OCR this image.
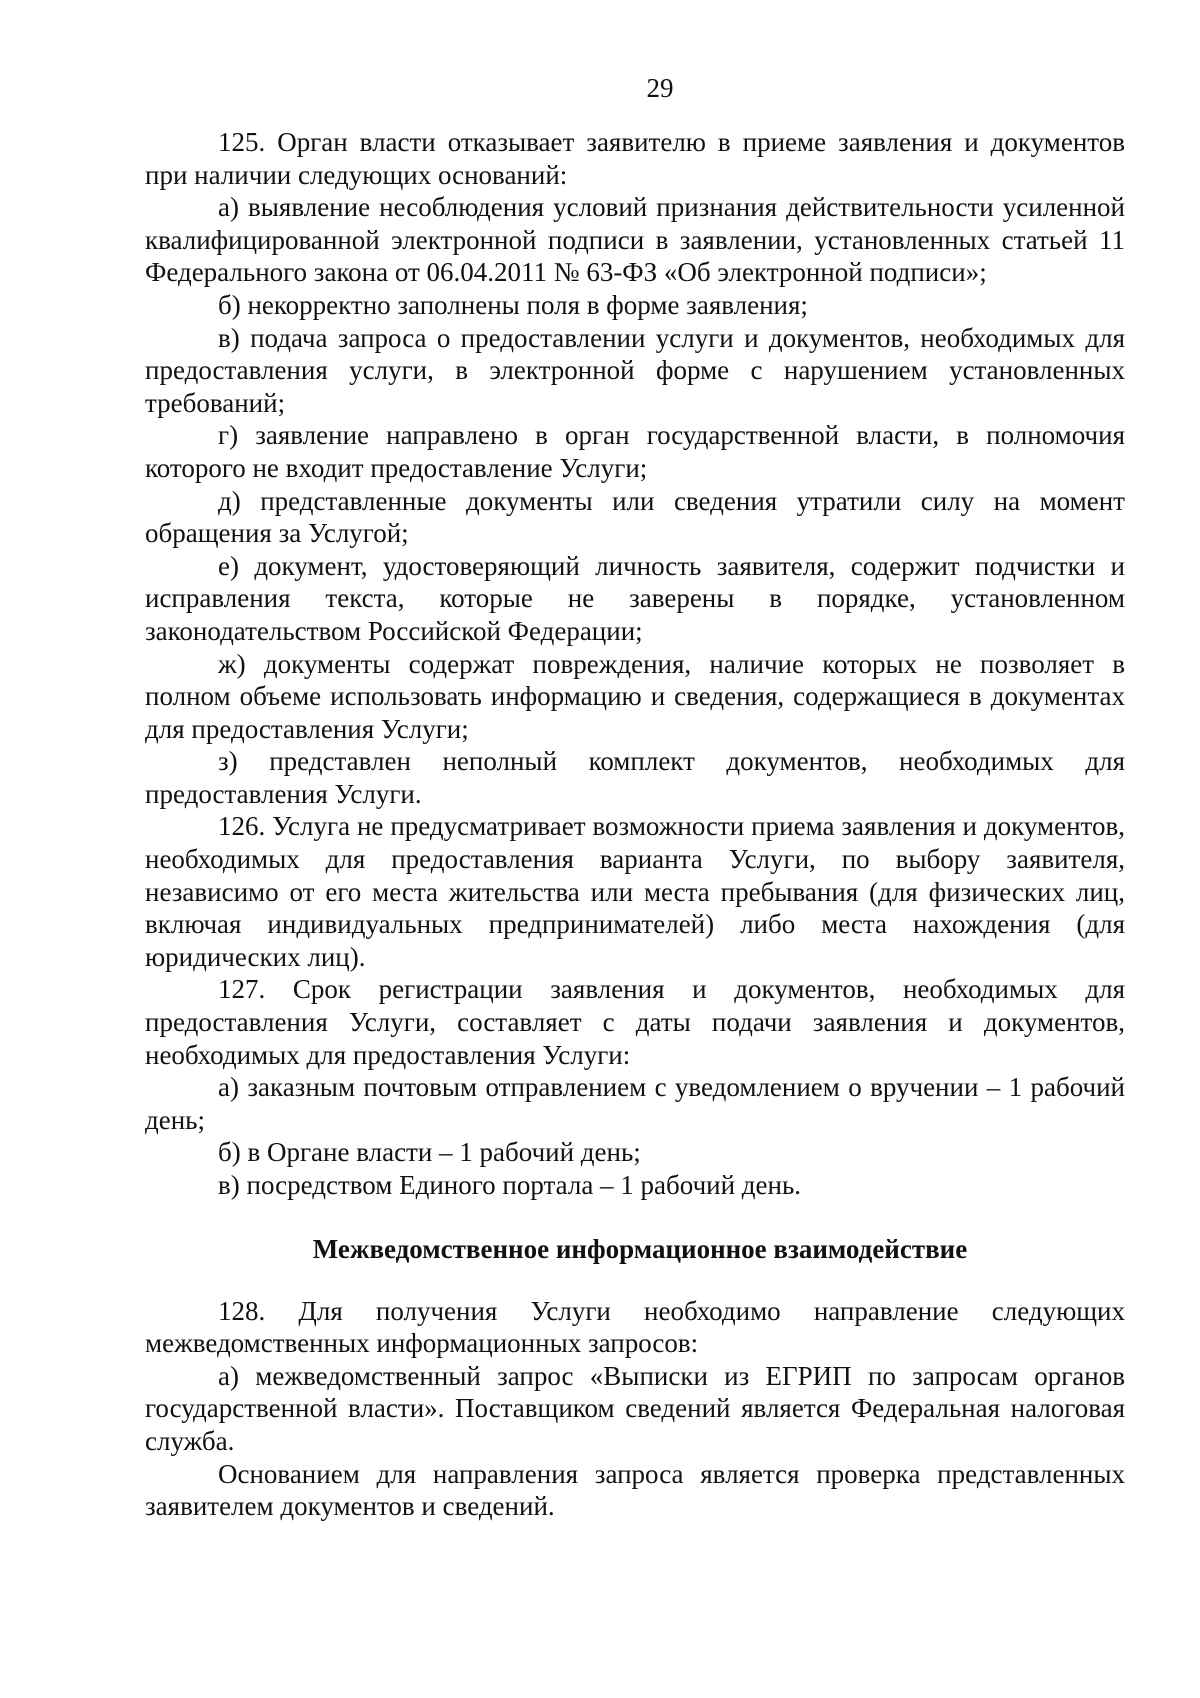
29

125. Орган власти отказывает заявителю в приеме заявления и документов при наличии следующих оснований:

а) выявление несоблюдения условий признания действительности усиленной квалифицированной электронной подписи в заявлении, установленных статьей 11 Федерального закона от 06.04.2011 № 63-ФЗ «Об электронной подписи»;

б) некорректно заполнены поля в форме заявления;

в) подача запроса о предоставлении услуги и документов, необходимых для предоставления услуги, в электронной форме с нарушением установленных требований;

г) заявление направлено в орган государственной власти, в полномочия которого не входит предоставление Услуги;

д) представленные документы или сведения утратили силу на момент обращения за Услугой;

е) документ, удостоверяющий личность заявителя, содержит подчистки и исправления текста, которые не заверены в порядке, установленном законодательством Российской Федерации;

ж) документы содержат повреждения, наличие которых не позволяет в полном объеме использовать информацию и сведения, содержащиеся в документах для предоставления Услуги;

з) представлен неполный комплект документов, необходимых для предоставления Услуги.

126. Услуга не предусматривает возможности приема заявления и документов, необходимых для предоставления варианта Услуги, по выбору заявителя, независимо от его места жительства или места пребывания (для физических лиц, включая индивидуальных предпринимателей) либо места нахождения (для юридических лиц).

127. Срок регистрации заявления и документов, необходимых для предоставления Услуги, составляет с даты подачи заявления и документов, необходимых для предоставления Услуги:

а) заказным почтовым отправлением с уведомлением о вручении – 1 рабочий день;

б) в Органе власти – 1 рабочий день;

в) посредством Единого портала – 1 рабочий день.

Межведомственное информационное взаимодействие

128. Для получения Услуги необходимо направление следующих межведомственных информационных запросов:

а) межведомственный запрос «Выписки из ЕГРИП по запросам органов государственной власти». Поставщиком сведений является Федеральная налоговая служба.

Основанием для направления запроса является проверка представленных заявителем документов и сведений.
